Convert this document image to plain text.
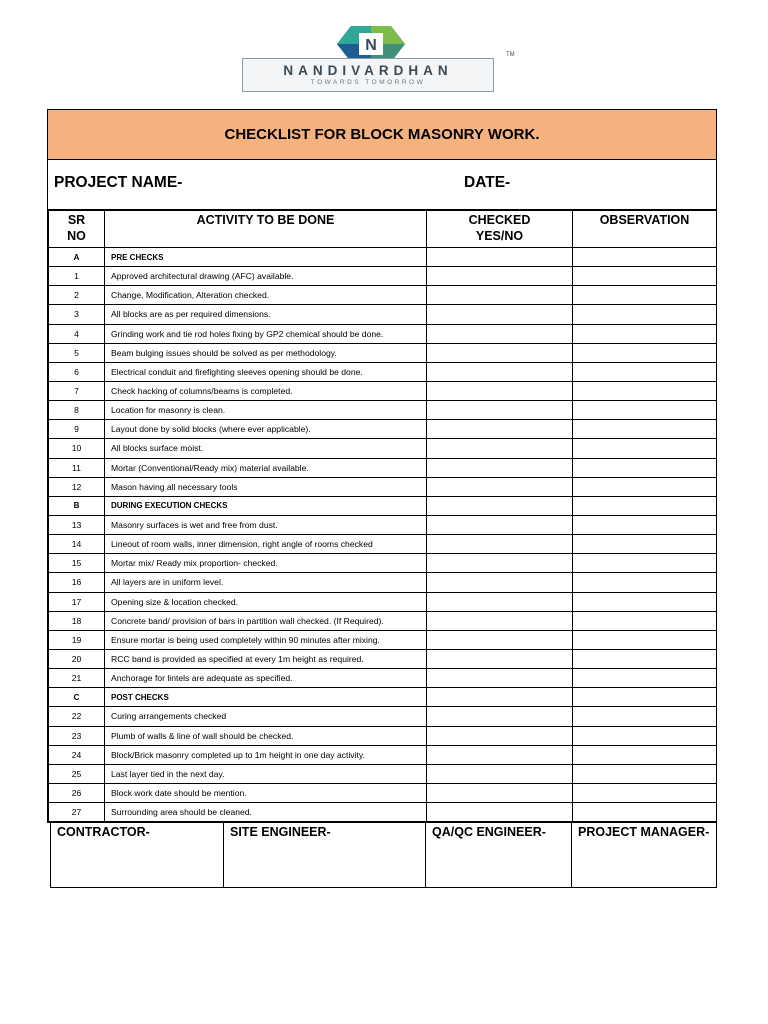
N
NANDIVARDHAN
TOWARDS TOMORROW
TM
CHECKLIST FOR BLOCK MASONRY WORK.
PROJECT NAME-	DATE-
SR NO	ACTIVITY TO BE DONE	CHECKED YES/NO	OBSERVATION
A	PRE CHECKS		
1	Approved architectural drawing (AFC) available.		
2	Change, Modification, Alteration checked.		
3	All blocks are as per required dimensions.		
4	Grinding work and tie rod holes fixing by GP2 chemical should be done.		
5	Beam bulging issues should be solved as per methodology.		
6	Electrical conduit and firefighting sleeves opening should be done.		
7	Check hacking of columns/beams is completed.		
8	Location for masonry is clean.		
9	Layout done by solid blocks (where ever applicable).		
10	All blocks surface moist.		
11	Mortar (Conventional/Ready mix) material available.		
12	Mason having all necessary tools		
B	DURING EXECUTION CHECKS		
13	Masonry surfaces is wet and free from dust.		
14	Lineout of room walls, inner dimension, right angle of rooms checked		
15	Mortar mix/ Ready mix proportion- checked.		
16	All layers are in uniform level.		
17	Opening size & location checked.		
18	Concrete band/ provision of bars in partition wall checked. (If Required).		
19	Ensure mortar is being used completely within 90 minutes after mixing.		
20	RCC band is provided as specified at every 1m height as required.		
21	Anchorage for lintels are adequate as specified.		
C	POST CHECKS		
22	Curing arrangements checked		
23	Plumb of walls & line of wall should be checked.		
24	Block/Brick masonry completed up to 1m height in one day activity.		
25	Last layer tied in the next day.		
26	Block work date should be mention.		
27	Surrounding area should be cleaned.		
CONTRACTOR-	SITE ENGINEER-	QA/QC ENGINEER-	PROJECT MANAGER-
